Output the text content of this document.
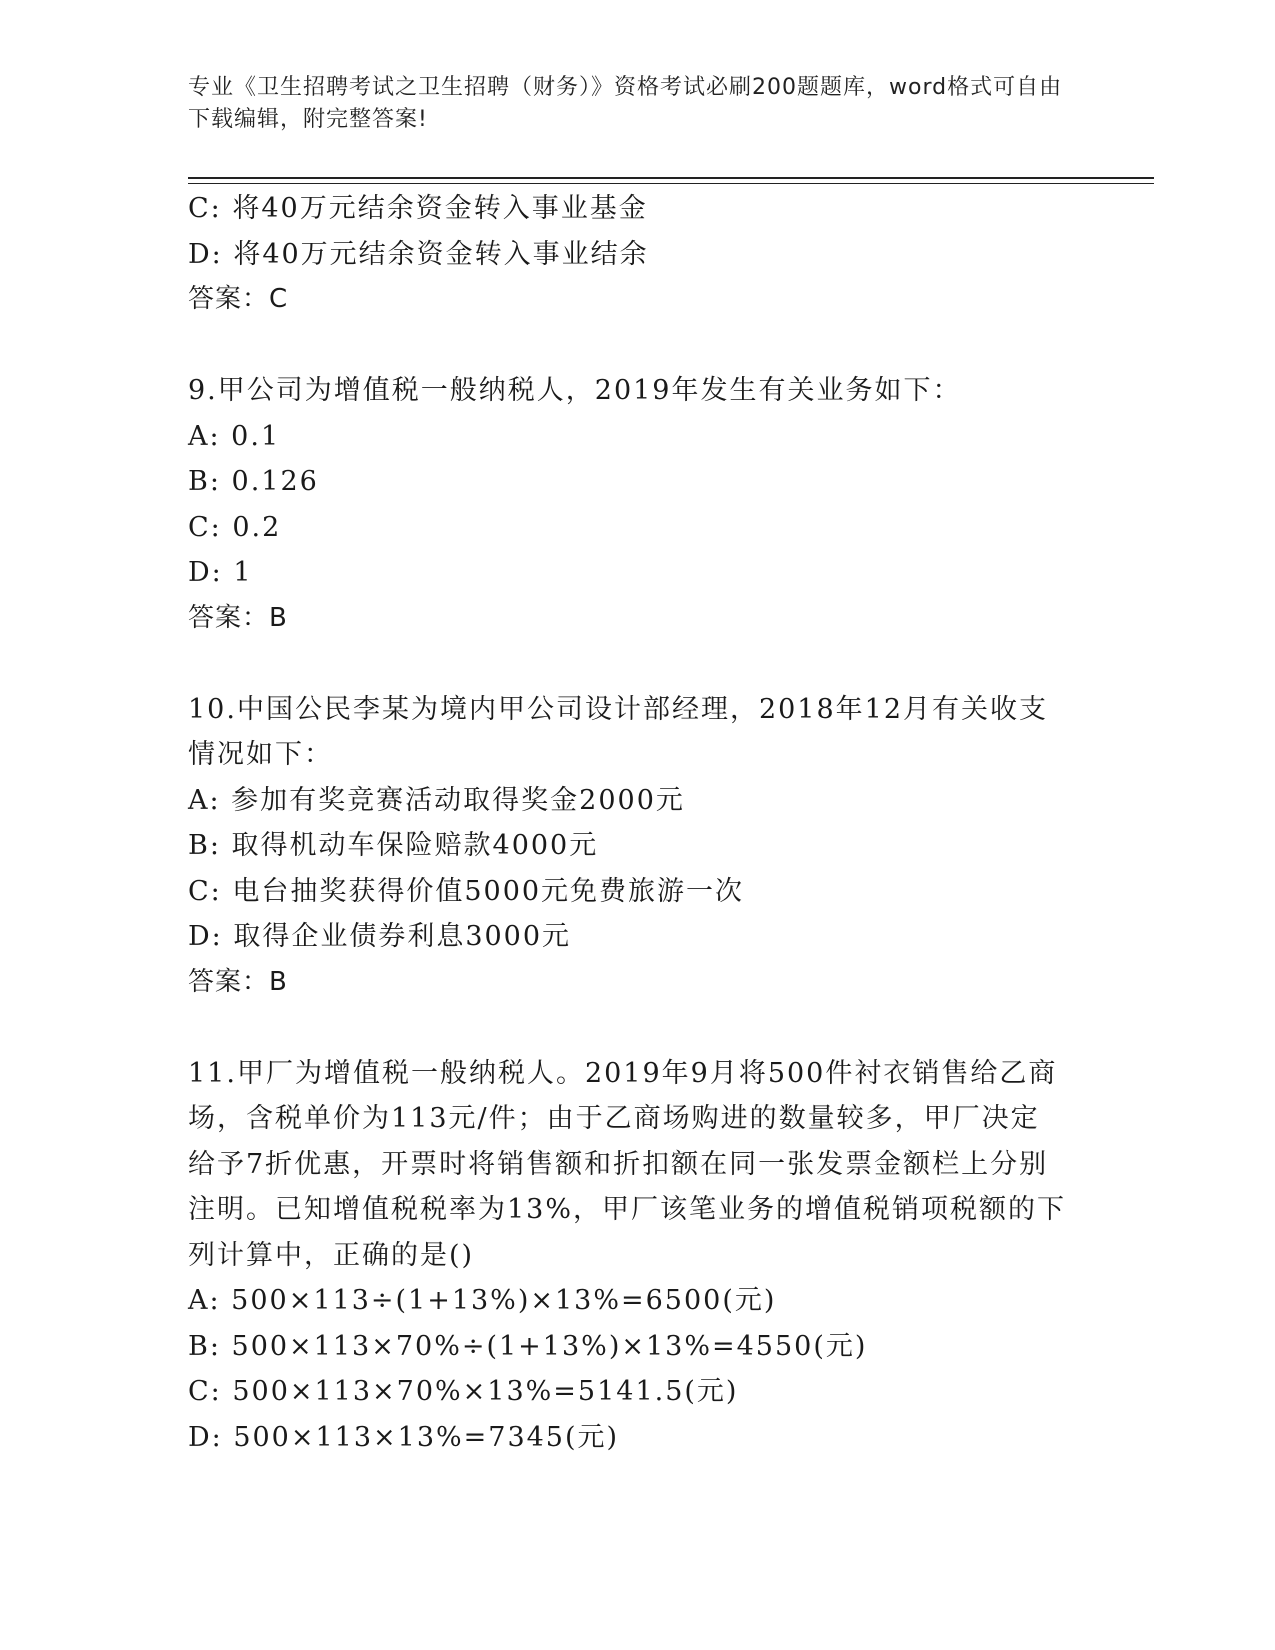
专业《卫生招聘考试之卫生招聘（财务）》资格考试必刷200题题库，word格式可自由下载编辑，附完整答案!
C: 将40万元结余资金转入事业基金
D: 将40万元结余资金转入事业结余
答案：C
9.甲公司为增值税一般纳税人，2019年发生有关业务如下：
A: 0.1
B: 0.126
C: 0.2
D: 1
答案：B
10.中国公民李某为境内甲公司设计部经理，2018年12月有关收支情况如下：
A: 参加有奖竞赛活动取得奖金2000元
B: 取得机动车保险赔款4000元
C: 电台抽奖获得价值5000元免费旅游一次
D: 取得企业债券利息3000元
答案：B
11.甲厂为增值税一般纳税人。2019年9月将500件衬衣销售给乙商场，含税单价为113元/件；由于乙商场购进的数量较多，甲厂决定给予7折优惠，开票时将销售额和折扣额在同一张发票金额栏上分别注明。已知增值税税率为13%，甲厂该笔业务的增值税销项税额的下列计算中，正确的是()
A: 500×113÷(1+13%)×13%=6500(元)
B: 500×113×70%÷(1+13%)×13%=4550(元)
C: 500×113×70%×13%=5141.5(元)
D: 500×113×13%=7345(元)
